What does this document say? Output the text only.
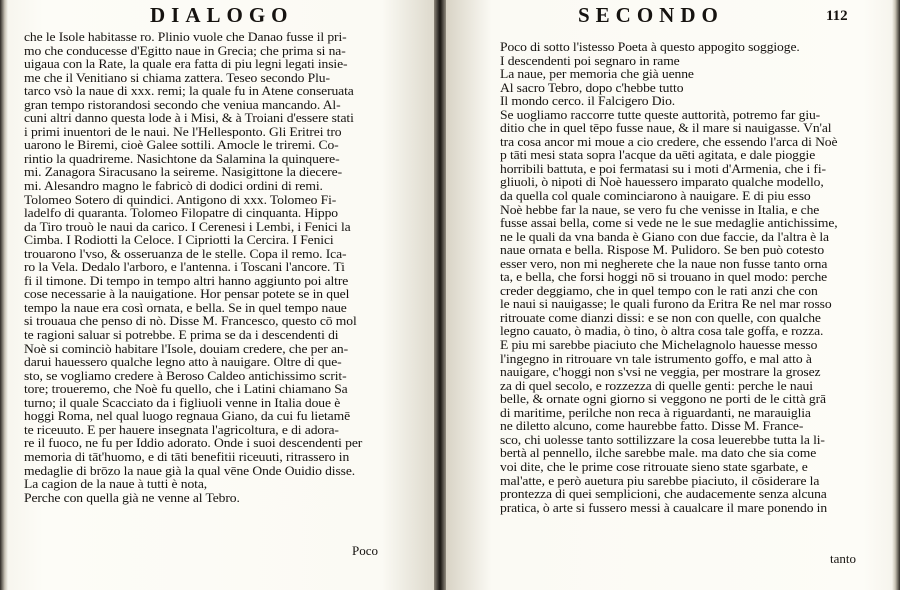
DIALOGO
che le Isole habitasse ro. Plinio vuole che Danao fusse il pri-
mo che conducesse d'Egitto naue in Grecia; che prima si na-
uigaua con la Rate, la quale era fatta di piu legni legati insie-
me che il Venitiano si chiama zattera. Teseo secondo Plu-
tarco vsò la naue di xxx. remi; la quale fu in Atene conseruata
gran tempo ristorandosi secondo che veniua mancando. Al-
cuni altri danno questa lode à i Misi, & à Troiani d'essere stati
i primi inuentori de le naui. Ne l'Hellespontο. Gli Eritrei tro
uarono le Biremi, cioè Galee sottili. Amocle le triremi. Co-
rintio la quadrireme. Nasichtone da Salamina la quinquere-
mi. Zanagora Siracusano la seireme. Nasigittone la diecere-
mi. Alesandro magno le fabricò di dodici ordini di remi.
Tolomeo Sotero di quindici. Antigono di xxx. Tolomeo Fi-
ladelfo di quaranta. Tolomeo Filopatre di cinquanta. Hippo
da Tiro trouò le naui da carico. I Cerenesi i Lembi, i Fenici la
Cimba. I Rodiotti la Celoce. I Cipriotti la Cercira. I Fenici
trouarono l'vso, & osseruanza de le stelle. Copa il remo. Ica-
ro la Vela. Dedalo l'arboro, e l'antenna. i Toscani l'ancore. Ti
fi il timone. Di tempo in tempo altri hanno aggiunto poi altre
cose necessarie à la nauigatione. Hor pensar potete se in quel
tempo la naue era così ornata, e bella. Se in quel tempo naue
si trouaua che penso di nò. Disse M. Francesco, questo cō mol
te ragioni saluar si potrebbe. E prima se da i descendenti di
Noè si cominciò habitare l'Isole, douiam credere, che per an-
darui hauessero qualche legno atto à nauigare. Oltre di que-
sto, se vogliamo credere à Beroso Caldeo antichissimo scrit-
tore; troueremo, che Noè fu quello, che i Latini chiamano Sa
turno; il quale Scacciato da i figliuoli venne in Italia doue è
hoggi Roma, nel qual luogo regnaua Giano, da cui fu lietamē
te riceuuto. E per hauere insegnata l'agricoltura, e di adora-
re il fuoco, ne fu per Iddio adorato. Onde i suoi descendenti per
memoria di tāt'huomo, e di tāti benefitii riceuuti, ritrassero in
medaglie di brōzo la naue già la qual vēne Onde Ouidio disse.
La cagion de la naue à tutti è nota,
Perche con quella già ne venne al Tebro.
Poco
SECONDO	112
Poco di sotto l'istesso Poeta à questo appogito soggioge.
I descendenti poi segnaro in rame
La naue, per memoria che già uenne
Al sacro Tebro, dopo c'hebbe tutto
Il mondo cerco. il Falcigero Dio.
Se uogliamo raccorre tutte queste auttorità, potremo far giu-
ditio che in quel tēpo fusse naue, & il mare si nauigasse. Vn'al
tra cosa ancor mi moue a cio credere, che essendo l'arca di Noè
p tāti mesi stata sopra l'acque da uēti agitata, e dale pioggie
horribili battuta, e poi fermatasi su i moti d'Armenia, che i fi-
gliuoli, ò nipoti di Noè hauessero imparato qualche modello,
da quella col quale cominciarono à nauigare. E di piu esso
Noè hebbe far la naue, se vero fu che venisse in Italia, e che
fusse assai bella, come si vede ne le sue medaglie antichissime,
ne le quali da vna banda è Giano con due faccie, da l'altra è la
naue ornata e bella. Rispose M. Pulidoro. Se ben può cotesto
esser vero, non mi negherete che la naue non fusse tanto orna
ta, e bella, che forsi hoggi nō si trouano in quel modo: perche
creder deggiamo, che in quel tempo con le rati anzi che con
le naui si nauigasse; le quali furono da Eritra Re nel mar rosso
ritrouate come dianzi dissi: e se non con quelle, con qualche
legno cauato, ò madia, ò tino, ò altra cosa tale goffa, e rozza.
E piu mi sarebbe piaciuto che Michelagnolo hauesse messo
l'ingegno in ritrouare vn tale istrumento goffo, e mal atto à
nauigare, c'hoggi non s'vsi ne veggia, per mostrare la grosez
za di quel secolo, e rozzezza di quelle genti: perche le naui
belle, & ornate ogni giorno si veggono ne porti de le città grā
di maritime, perilche non reca à riguardanti, ne marauiglia
ne diletto alcuno, come haurebbe fatto. Disse M. France-
sco, chi uolesse tanto sottilizzare la cosa leuerebbe tutta la li-
bertà al pennello, ilche sarebbe male. ma dato che sia come
voi dite, che le prime cose ritrouate sieno state sgarbate, e
mal'atte, e però auetura piu sarebbe piaciuto, il cōsiderare la
prontezza di quei semplicioni, che audacemente senza alcuna
pratica, ò arte si fussero messi à caualcare il mare ponendo in
tanto
